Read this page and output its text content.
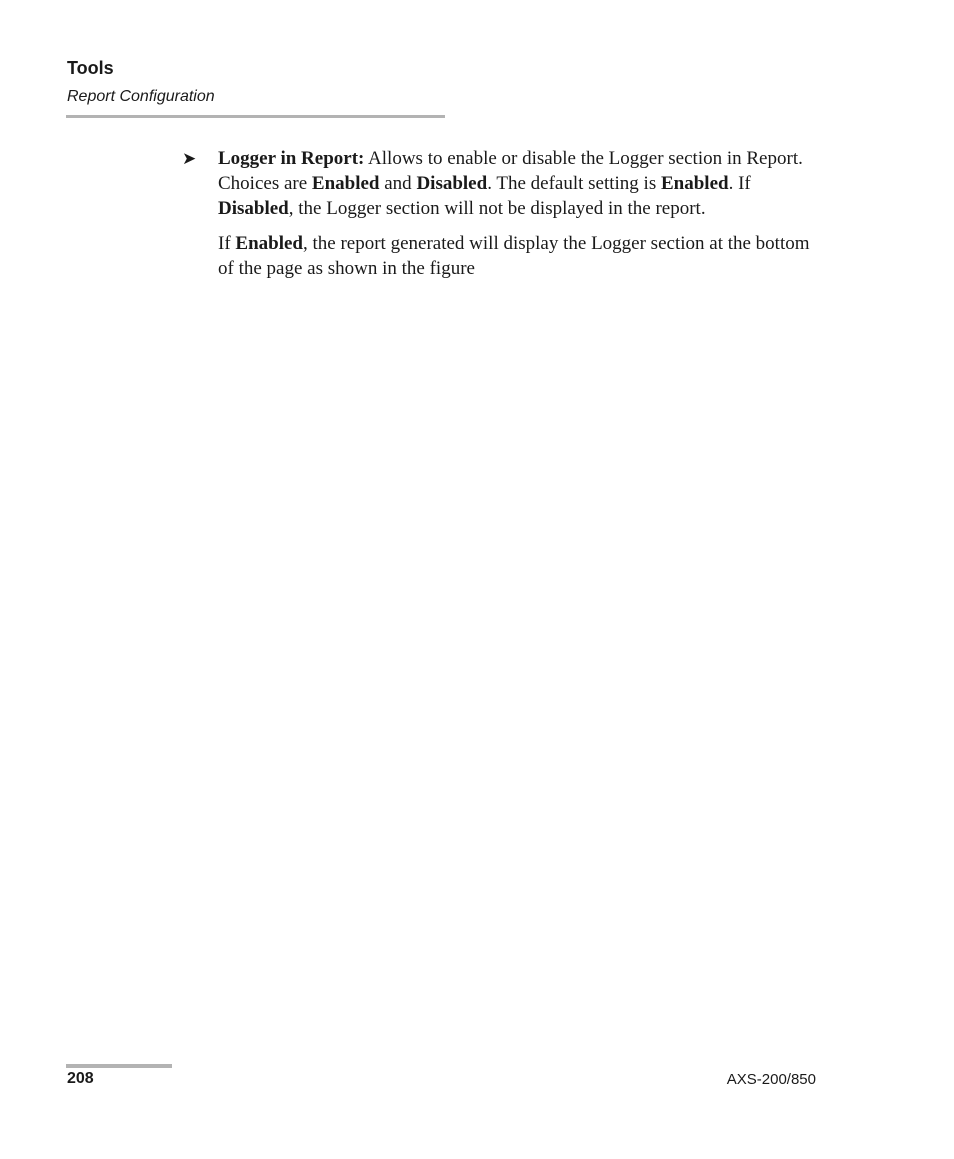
Tools
Report Configuration
➤ Logger in Report: Allows to enable or disable the Logger section in Report. Choices are Enabled and Disabled. The default setting is Enabled. If Disabled, the Logger section will not be displayed in the report.

If Enabled, the report generated will display the Logger section at the bottom of the page as shown in the figure

208	AXS-200/850
